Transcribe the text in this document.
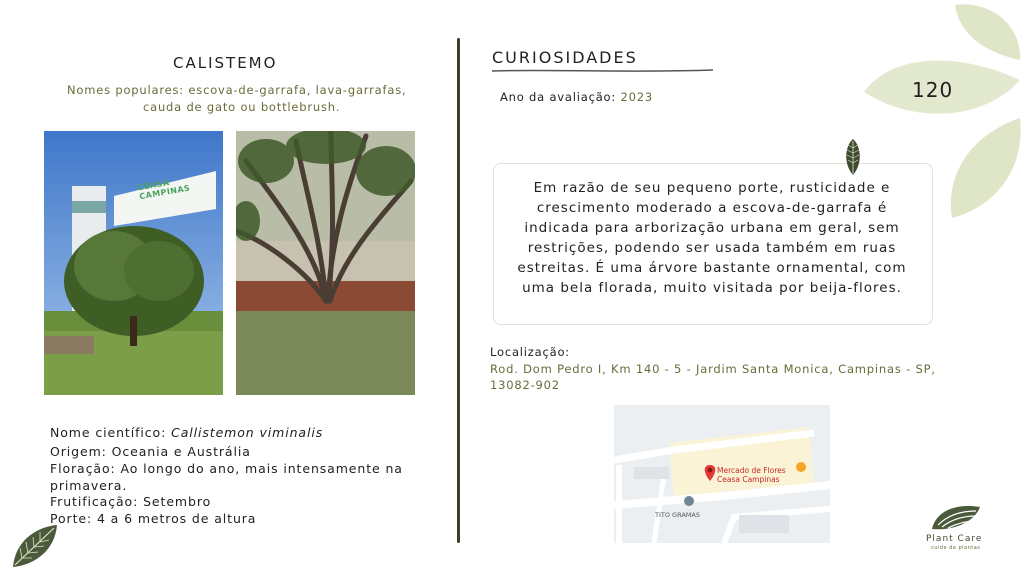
120
CALISTEMO
Nomes populares: escova-de-garrafa, lava-garrafas,
cauda de gato ou bottlebrush.
CEASA CAMPINAS
Nome científico: Callistemon viminalis
Origem: Oceania e Austrália
Floração: Ao longo do ano, mais intensamente na
primavera.
Frutificação: Setembro
Porte: 4 a 6 metros de altura
CURIOSIDADES
Ano da avaliação: 2023
Em razão de seu pequeno porte, rusticidade e crescimento moderado a escova-de-garrafa é indicada para arborização urbana em geral, sem restrições, podendo ser usada também em ruas estreitas. É uma árvore bastante ornamental, com uma bela florada, muito visitada por beija-flores.
Localização:
Rod. Dom Pedro I, Km 140 - 5 - Jardim Santa Monica, Campinas - SP,
13082-902
Mercado de Flores
Ceasa Campinas
TITO GRAMAS
Plant Care
cuide de plantas
